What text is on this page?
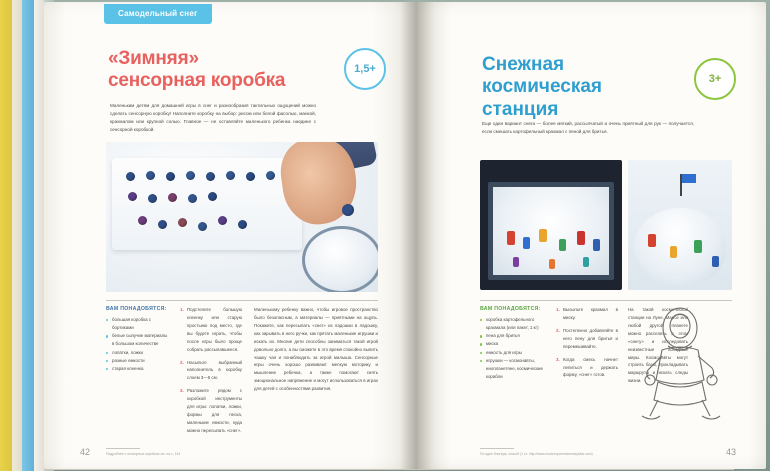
Самодельный снег
«Зимняя»
сенсорная коробка
1,5+
Маленьким детям для домашней игры в снег и разнообразия тактильных ощущений можно сделать сенсорную коробку! Наполните коробку на выбор: рисом или белой фасолью, манкой, крахмалом или крупной солью. Главное — не оставляйте маленького ребенка наедине с сенсорной коробкой.
ВАМ ПОНАДОБЯТСЯ:
большая коробка с бортиками
белые сыпучие материалы в большом количестве
лопатки, ложки
разные емкости
старая клеенка
1. Подстелите большую клеенку или старую простыню под место, где вы будете играть, чтобы после игры было проще собрать рассыпавшееся.
2. Насыпьте выбранный наполнитель в коробку слоем 3—5 см.
3. Разложите рядом с коробкой инструменты для игры: лопатки, ложки, формы для песка, маленькие емкости, куда можно пересыпать «снег».

Маленькому ребенку важно, чтобы игровое пространство было безопасным, а материалы — приятными на ощупь. Покажите, как пересыпать «снег» из ладошки в ладошку, как зарывать в него ручки, как прятать маленькие игрушки и искать их. Многие дети способны заниматься такой игрой довольно долго, а вы сможете в это время спокойно выпить чашку чая и понаблюдать за игрой малыша. Сенсорные игры очень хорошо развивают мелкую моторику и мышление ребенка, а также помогают снять эмоциональное напряжение и могут использоваться в играх для детей с особенностями развития.

Подробнее о сенсорных коробках см. на с. 144
42
Снежная
космическая станция
3+
Еще один вариант снега — более мягкий, рассыпчатый и очень приятный для рук — получается, если смешать картофельный крахмал с пеной для бритья.
ВАМ ПОНАДОБЯТСЯ:
коробка картофельного крахмала (или пакет, 1 кг)
пена для бритья
миска
емкость для игры
игрушки — космонавты, инопланетяне, космические корабли
1. Высыпьте крахмал в миску.
2. Постепенно добавляйте в него пену для бритья и перемешивайте.
3. Когда смесь начнет лепиться и держать форму, «снег» готов.
На такой космической станции на Луне, Марсе или любой другой планете можно расселить в этом «снегу» и исследовать неизвестные холодные миры. Космонавты могут строить базы, прокладывать маршруты и искать следы жизни.
По идее блогера, способ (1 ст. http://www.modernparentsmessykids.com)	43
